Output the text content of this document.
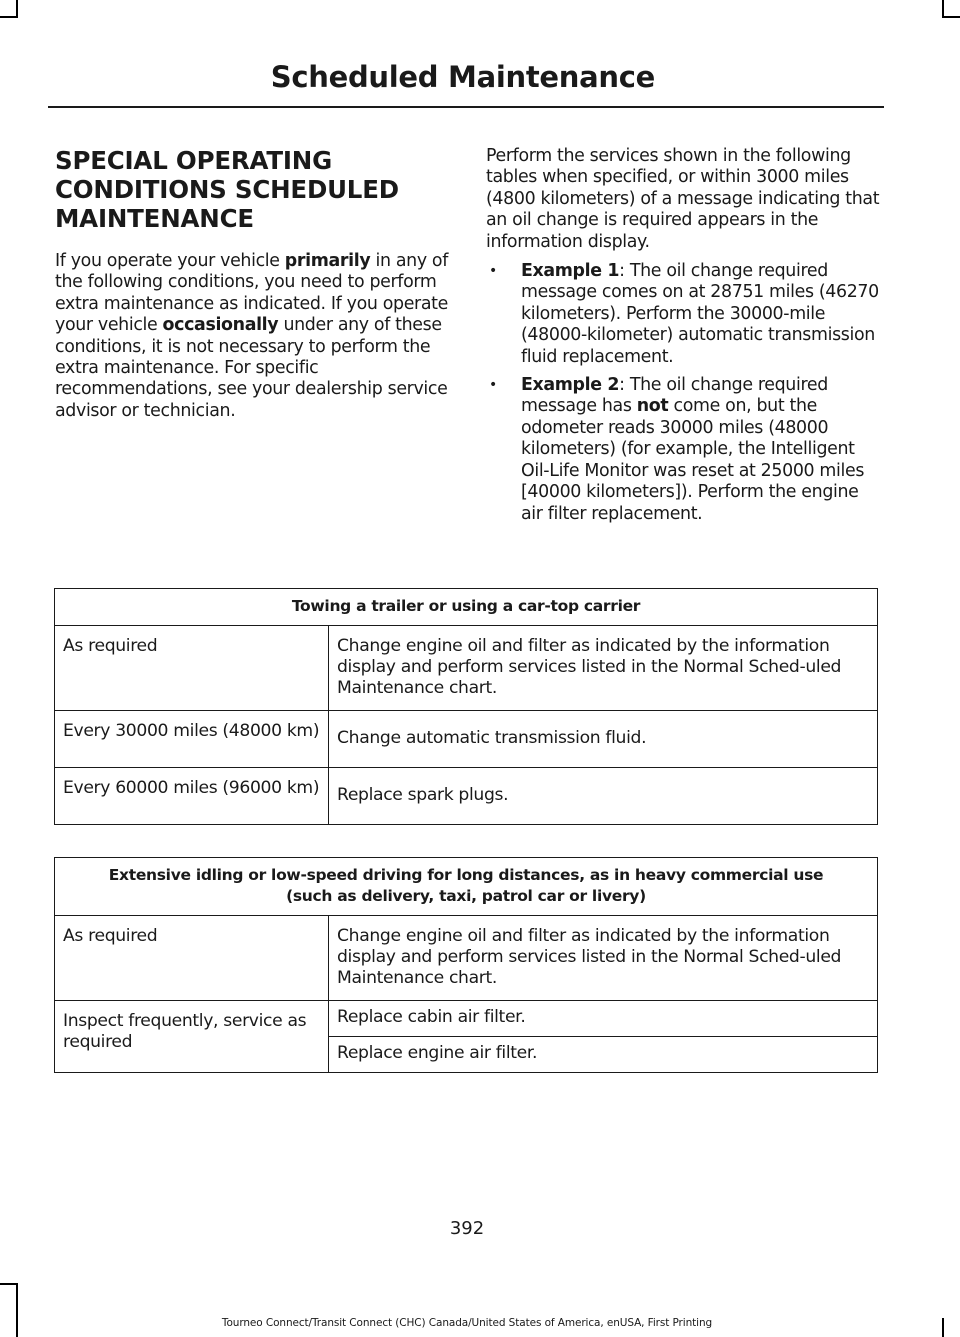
Scheduled Maintenance
SPECIAL OPERATING
CONDITIONS SCHEDULED
MAINTENANCE

If you operate your vehicle primarily in any of the following conditions, you need to perform extra maintenance as indicated. If you operate your vehicle occasionally under any of these conditions, it is not necessary to perform the extra maintenance. For specific recommendations, see your dealership service advisor or technician.

Perform the services shown in the following tables when specified, or within 3000 miles (4800 kilometers) of a message indicating that an oil change is required appears in the information display.

• Example 1: The oil change required message comes on at 28751 miles (46270 kilometers). Perform the 30000-mile (48000-kilometer) automatic transmission fluid replacement.
• Example 2: The oil change required message has not come on, but the odometer reads 30000 miles (48000 kilometers) (for example, the Intelligent Oil-Life Monitor was reset at 25000 miles [40000 kilometers]). Perform the engine air filter replacement.
Towing a trailer or using a car-top carrier	
As required	Change engine oil and filter as indicated by the information display and perform services listed in the Normal Sched-uled Maintenance chart.
Every 30000 miles (48000 km)	Change automatic transmission fluid.
Every 60000 miles (96000 km)	Replace spark plugs.
Extensive idling or low-speed driving for long distances, as in heavy commercial use
(such as delivery, taxi, patrol car or livery)	
As required	Change engine oil and filter as indicated by the information display and perform services listed in the Normal Sched-uled Maintenance chart.
Inspect frequently, service as required	Replace cabin air filter.
	Replace engine air filter.
392
Tourneo Connect/Transit Connect (CHC) Canada/United States of America, enUSA, First Printing
